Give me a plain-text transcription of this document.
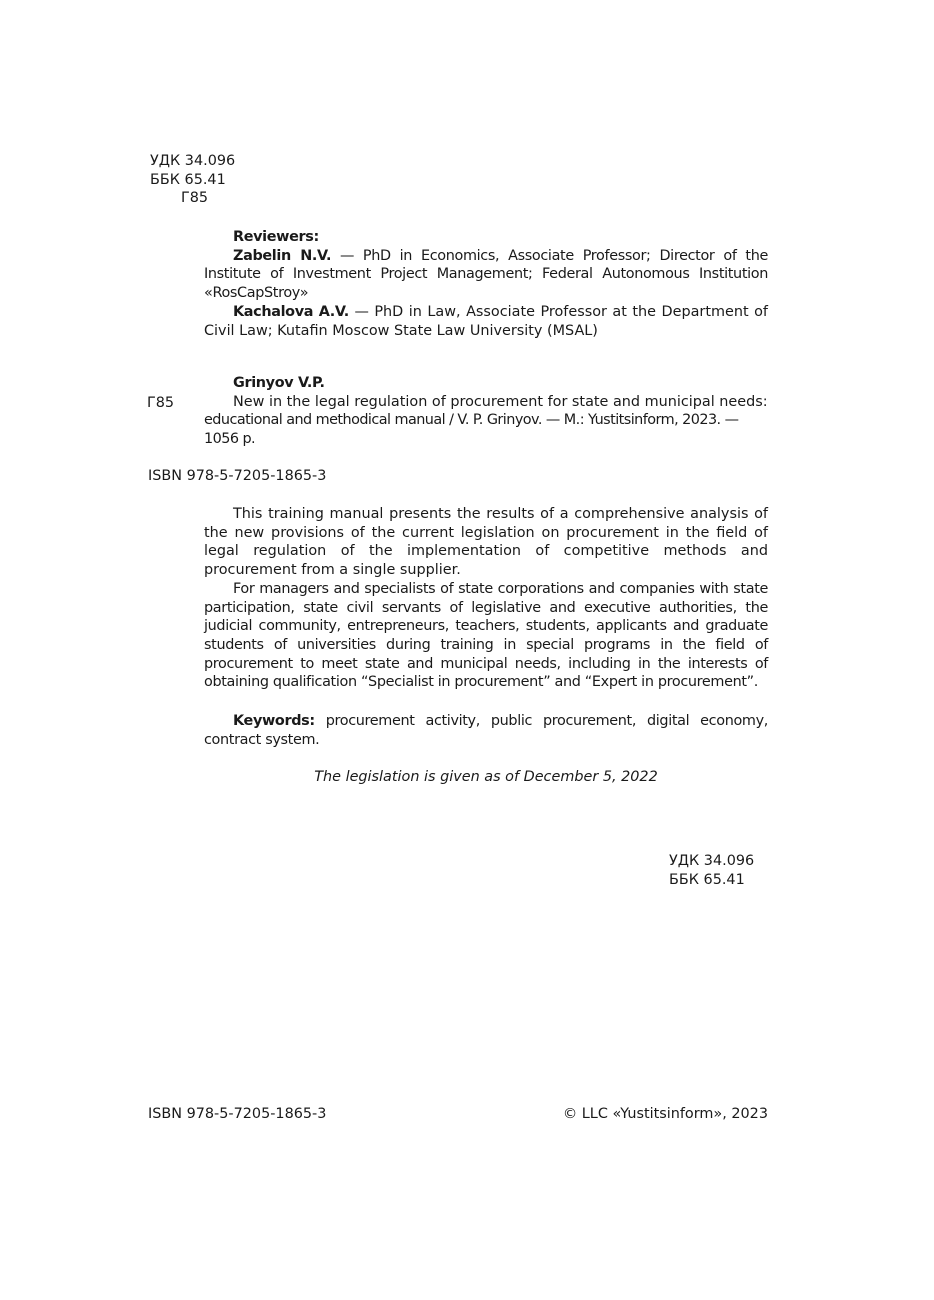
УДК 34.096
ББК 65.41
Г85

Reviewers:

Zabelin N.V. — PhD in Economics, Associate Professor; Director of the Institute of Investment Project Management; Federal Autonomous Institution «RosCapStroy»

Kachalova A.V. — PhD in Law, Associate Professor at the Department of Civil Law; Kutafin Moscow State Law University (MSAL)

Grinyov V.P.

New in the legal regulation of procurement for state and municipal needs:

educational and methodical manual / V. P. Grinyov. — M.: Yustitsinform, 2023. — 1056 p.

Г85
ISBN 978-5-7205-1865-3

This training manual presents the results of a comprehensive analysis of the new provisions of the current legislation on procurement in the field of legal regulation of the implementation of competitive methods and procurement from a single supplier.

For managers and specialists of state corporations and companies with state participation, state civil servants of legislative and executive authorities, the judicial community, entrepreneurs, teachers, students, applicants and graduate students of universities during training in special programs in the field of procurement to meet state and municipal needs, including in the interests of obtaining qualification “Specialist in procurement” and “Expert in procurement”.

Keywords: procurement activity, public procurement, digital economy, contract system.

The legislation is given as of December 5, 2022
УДК 34.096
ББК 65.41
ISBN 978-5-7205-1865-3	© LLC «Yustitsinform», 2023
